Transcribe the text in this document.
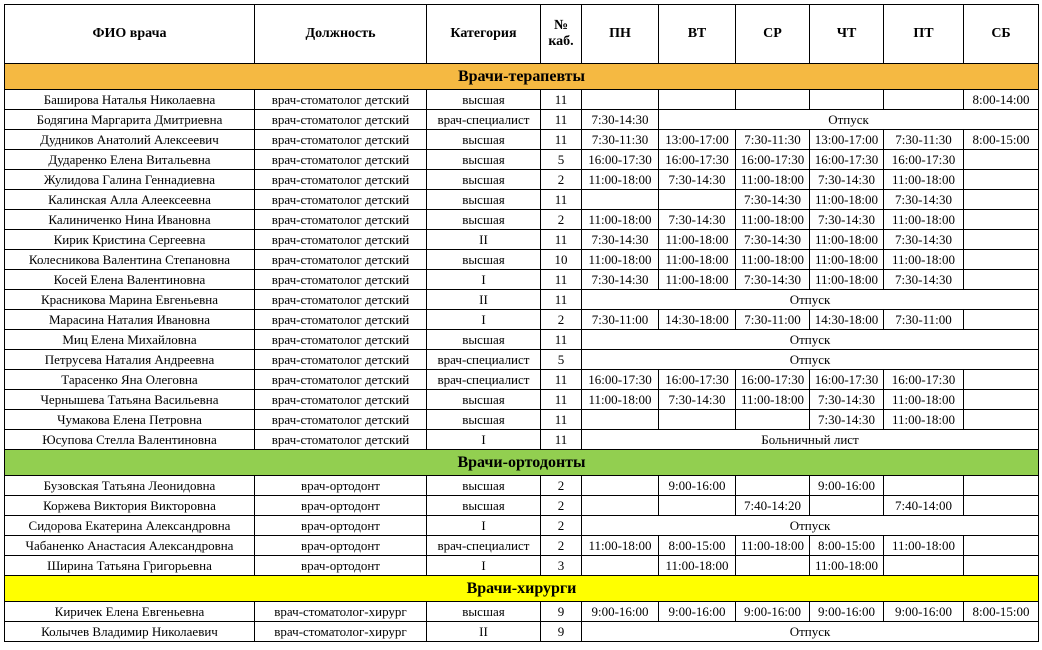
ФИО врача	Должность	Категория	№ каб.	ПН	ВТ	СР	ЧТ	ПТ	СБ
Врачи-терапевты									
Баширова Наталья Николаевна	врач-стоматолог детский	высшая	11						8:00-14:00
Бодягина Маргарита Дмитриевна	врач-стоматолог детский	врач-специалист	11	7:30-14:30	Отпуск				
Дудников Анатолий Алексеевич	врач-стоматолог детский	высшая	11	7:30-11:30	13:00-17:00	7:30-11:30	13:00-17:00	7:30-11:30	8:00-15:00
Дударенко Елена Витальевна	врач-стоматолог детский	высшая	5	16:00-17:30	16:00-17:30	16:00-17:30	16:00-17:30	16:00-17:30	
Жулидова Галина Геннадиевна	врач-стоматолог детский	высшая	2	11:00-18:00	7:30-14:30	11:00-18:00	7:30-14:30	11:00-18:00	
Калинская Алла Алеексеевна	врач-стоматолог детский	высшая	11			7:30-14:30	11:00-18:00	7:30-14:30	
Калиниченко Нина Ивановна	врач-стоматолог детский	высшая	2	11:00-18:00	7:30-14:30	11:00-18:00	7:30-14:30	11:00-18:00	
Кирик Кристина Сергеевна	врач-стоматолог детский	II	11	7:30-14:30	11:00-18:00	7:30-14:30	11:00-18:00	7:30-14:30	
Колесникова Валентина Степановна	врач-стоматолог детский	высшая	10	11:00-18:00	11:00-18:00	11:00-18:00	11:00-18:00	11:00-18:00	
Косей Елена Валентиновна	врач-стоматолог детский	I	11	7:30-14:30	11:00-18:00	7:30-14:30	11:00-18:00	7:30-14:30	
Красникова Марина Евгеньевна	врач-стоматолог детский	II	11	Отпуск					
Марасина Наталия Ивановна	врач-стоматолог детский	I	2	7:30-11:00	14:30-18:00	7:30-11:00	14:30-18:00	7:30-11:00	
Миц Елена Михайловна	врач-стоматолог детский	высшая	11	Отпуск					
Петрусева Наталия Андреевна	врач-стоматолог детский	врач-специалист	5	Отпуск					
Тарасенко Яна Олеговна	врач-стоматолог детский	врач-специалист	11	16:00-17:30	16:00-17:30	16:00-17:30	16:00-17:30	16:00-17:30	
Чернышева Татьяна Васильевна	врач-стоматолог детский	высшая	11	11:00-18:00	7:30-14:30	11:00-18:00	7:30-14:30	11:00-18:00	
Чумакова Елена Петровна	врач-стоматолог детский	высшая	11				7:30-14:30	11:00-18:00	
Юсупова Стелла Валентиновна	врач-стоматолог детский	I	11	Больничный лист					
Врачи-ортодонты									
Бузовская Татьяна Леонидовна	врач-ортодонт	высшая	2		9:00-16:00		9:00-16:00		
Коржева Виктория Викторовна	врач-ортодонт	высшая	2			7:40-14:20		7:40-14:00	
Сидорова Екатерина Александровна	врач-ортодонт	I	2	Отпуск					
Чабаненко Анастасия Александровна	врач-ортодонт	врач-специалист	2	11:00-18:00	8:00-15:00	11:00-18:00	8:00-15:00	11:00-18:00	
Ширина Татьяна Григорьевна	врач-ортодонт	I	3		11:00-18:00		11:00-18:00		
Врачи-хирурги									
Киричек Елена Евгеньевна	врач-стоматолог-хирург	высшая	9	9:00-16:00	9:00-16:00	9:00-16:00	9:00-16:00	9:00-16:00	8:00-15:00
Колычев Владимир Николаевич	врач-стоматолог-хирург	II	9	Отпуск					
